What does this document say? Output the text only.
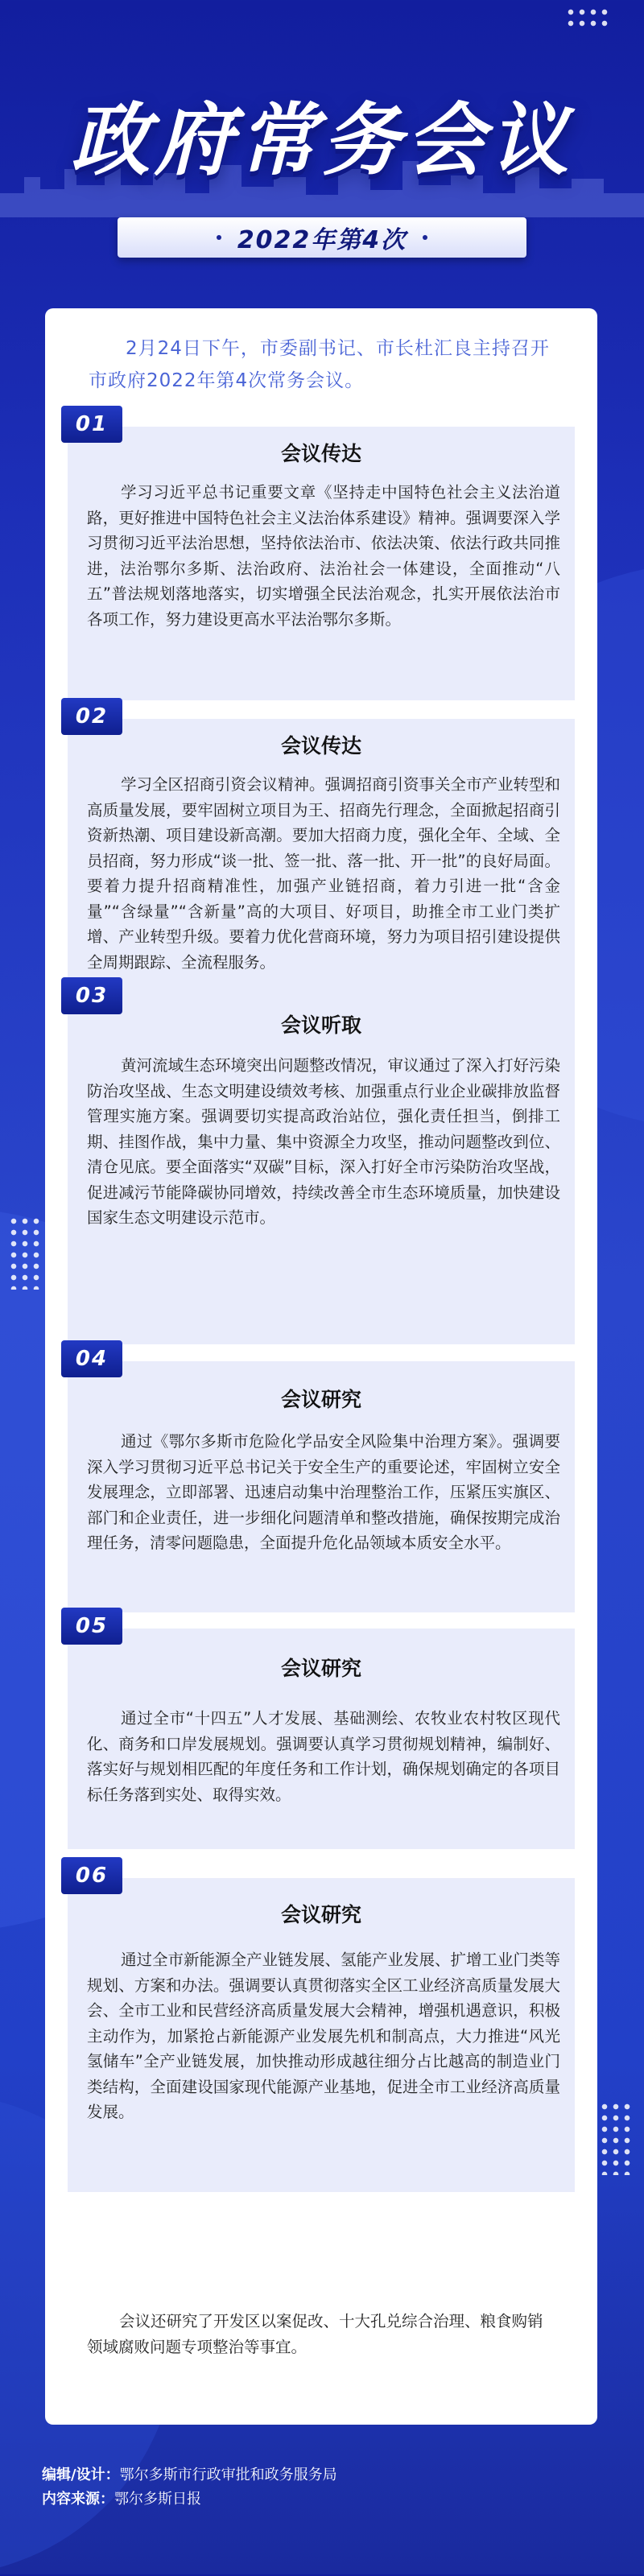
政府常务会议
2022年第4次

2月24日下午，市委副书记、市长杜汇良主持召开市政府2022年第4次常务会议。

01
会议传达

学习习近平总书记重要文章《坚持走中国特色社会主义法治道路，更好推进中国特色社会主义法治体系建设》精神。强调要深入学习贯彻习近平法治思想，坚持依法治市、依法决策、依法行政共同推进，法治鄂尔多斯、法治政府、法治社会一体建设，全面推动“八五”普法规划落地落实，切实增强全民法治观念，扎实开展依法治市各项工作，努力建设更高水平法治鄂尔多斯。

02
会议传达

学习全区招商引资会议精神。强调招商引资事关全市产业转型和高质量发展，要牢固树立项目为王、招商先行理念，全面掀起招商引资新热潮、项目建设新高潮。要加大招商力度，强化全年、全域、全员招商，努力形成“谈一批、签一批、落一批、开一批”的良好局面。要着力提升招商精准性，加强产业链招商，着力引进一批“含金量”“含绿量”“含新量”高的大项目、好项目，助推全市工业门类扩增、产业转型升级。要着力优化营商环境，努力为项目招引建设提供全周期跟踪、全流程服务。

03
会议听取

黄河流域生态环境突出问题整改情况，审议通过了深入打好污染防治攻坚战、生态文明建设绩效考核、加强重点行业企业碳排放监督管理实施方案。强调要切实提高政治站位，强化责任担当，倒排工期、挂图作战，集中力量、集中资源全力攻坚，推动问题整改到位、清仓见底。要全面落实“双碳”目标，深入打好全市污染防治攻坚战，促进减污节能降碳协同增效，持续改善全市生态环境质量，加快建设国家生态文明建设示范市。

04
会议研究

通过《鄂尔多斯市危险化学品安全风险集中治理方案》。强调要深入学习贯彻习近平总书记关于安全生产的重要论述，牢固树立安全发展理念，立即部署、迅速启动集中治理整治工作，压紧压实旗区、部门和企业责任，进一步细化问题清单和整改措施，确保按期完成治理任务，清零问题隐患，全面提升危化品领域本质安全水平。

05
会议研究

通过全市“十四五”人才发展、基础测绘、农牧业农村牧区现代化、商务和口岸发展规划。强调要认真学习贯彻规划精神，编制好、落实好与规划相匹配的年度任务和工作计划，确保规划确定的各项目标任务落到实处、取得实效。

06
会议研究

通过全市新能源全产业链发展、氢能产业发展、扩增工业门类等规划、方案和办法。强调要认真贯彻落实全区工业经济高质量发展大会、全市工业和民营经济高质量发展大会精神，增强机遇意识，积极主动作为，加紧抢占新能源产业发展先机和制高点，大力推进“风光氢储车”全产业链发展，加快推动形成越往细分占比越高的制造业门类结构，全面建设国家现代能源产业基地，促进全市工业经济高质量发展。

会议还研究了开发区以案促改、十大孔兑综合治理、粮食购销领域腐败问题专项整治等事宜。

编辑/设计：鄂尔多斯市行政审批和政务服务局
内容来源：鄂尔多斯日报
